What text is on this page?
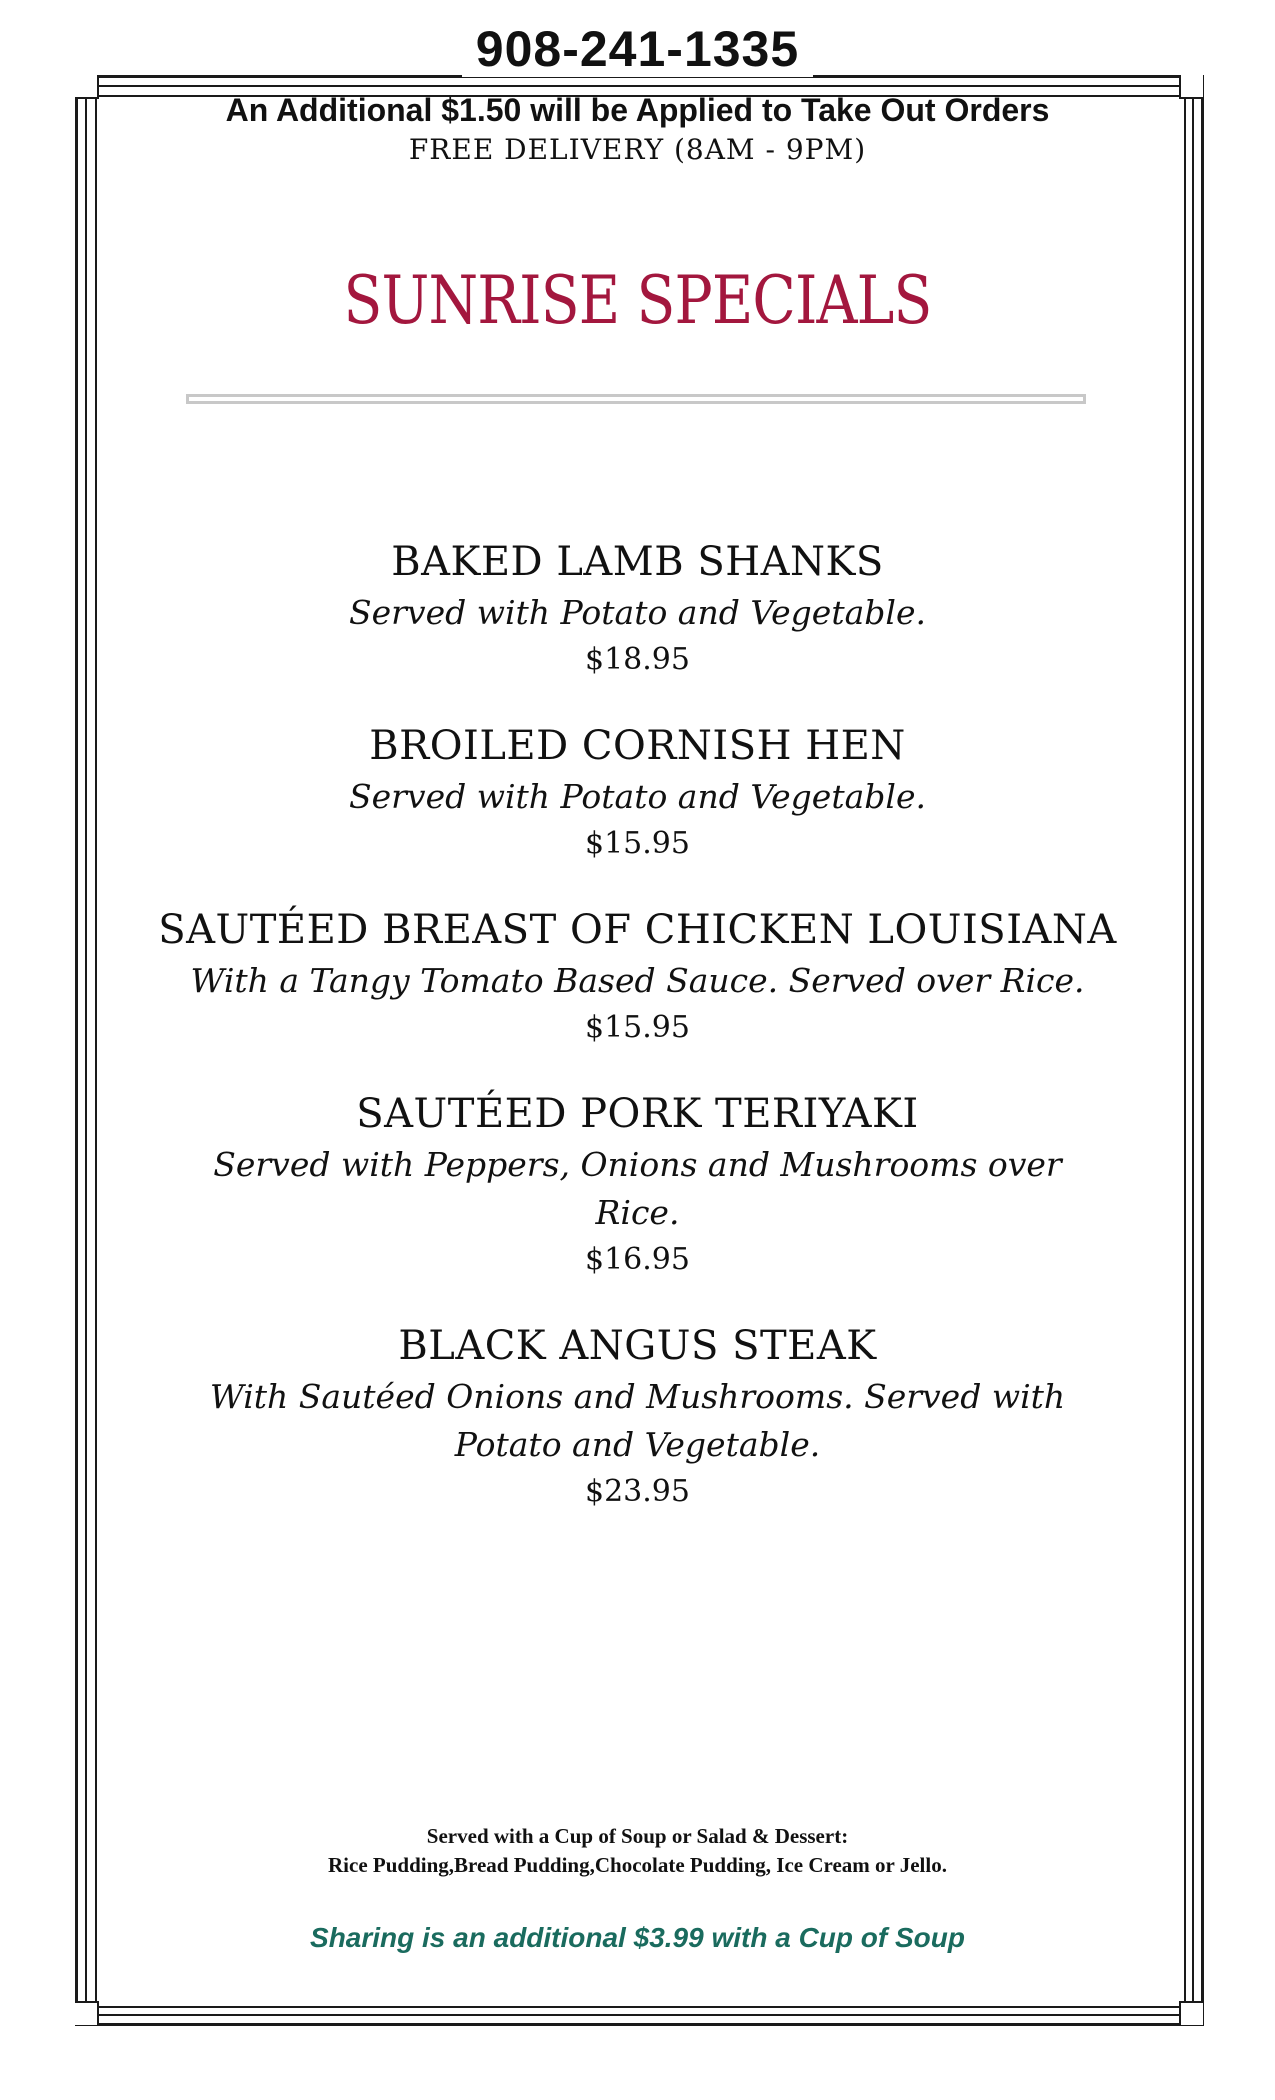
908-241-1335
An Additional $1.50 will be Applied to Take Out Orders
FREE DELIVERY (8AM - 9PM)
SUNRISE SPECIALS
BAKED LAMB SHANKS
Served with Potato and Vegetable.
$18.95
BROILED CORNISH HEN
Served with Potato and Vegetable.
$15.95
SAUTÉED BREAST OF CHICKEN LOUISIANA
With a Tangy Tomato Based Sauce. Served over Rice.
$15.95
SAUTÉED PORK TERIYAKI
Served with Peppers, Onions and Mushrooms over Rice.
$16.95
BLACK ANGUS STEAK
With Sautéed Onions and Mushrooms. Served with Potato and Vegetable.
$23.95
Served with a Cup of Soup or Salad & Dessert:
Rice Pudding,Bread Pudding,Chocolate Pudding, Ice Cream or Jello.
Sharing is an additional $3.99 with a Cup of Soup
